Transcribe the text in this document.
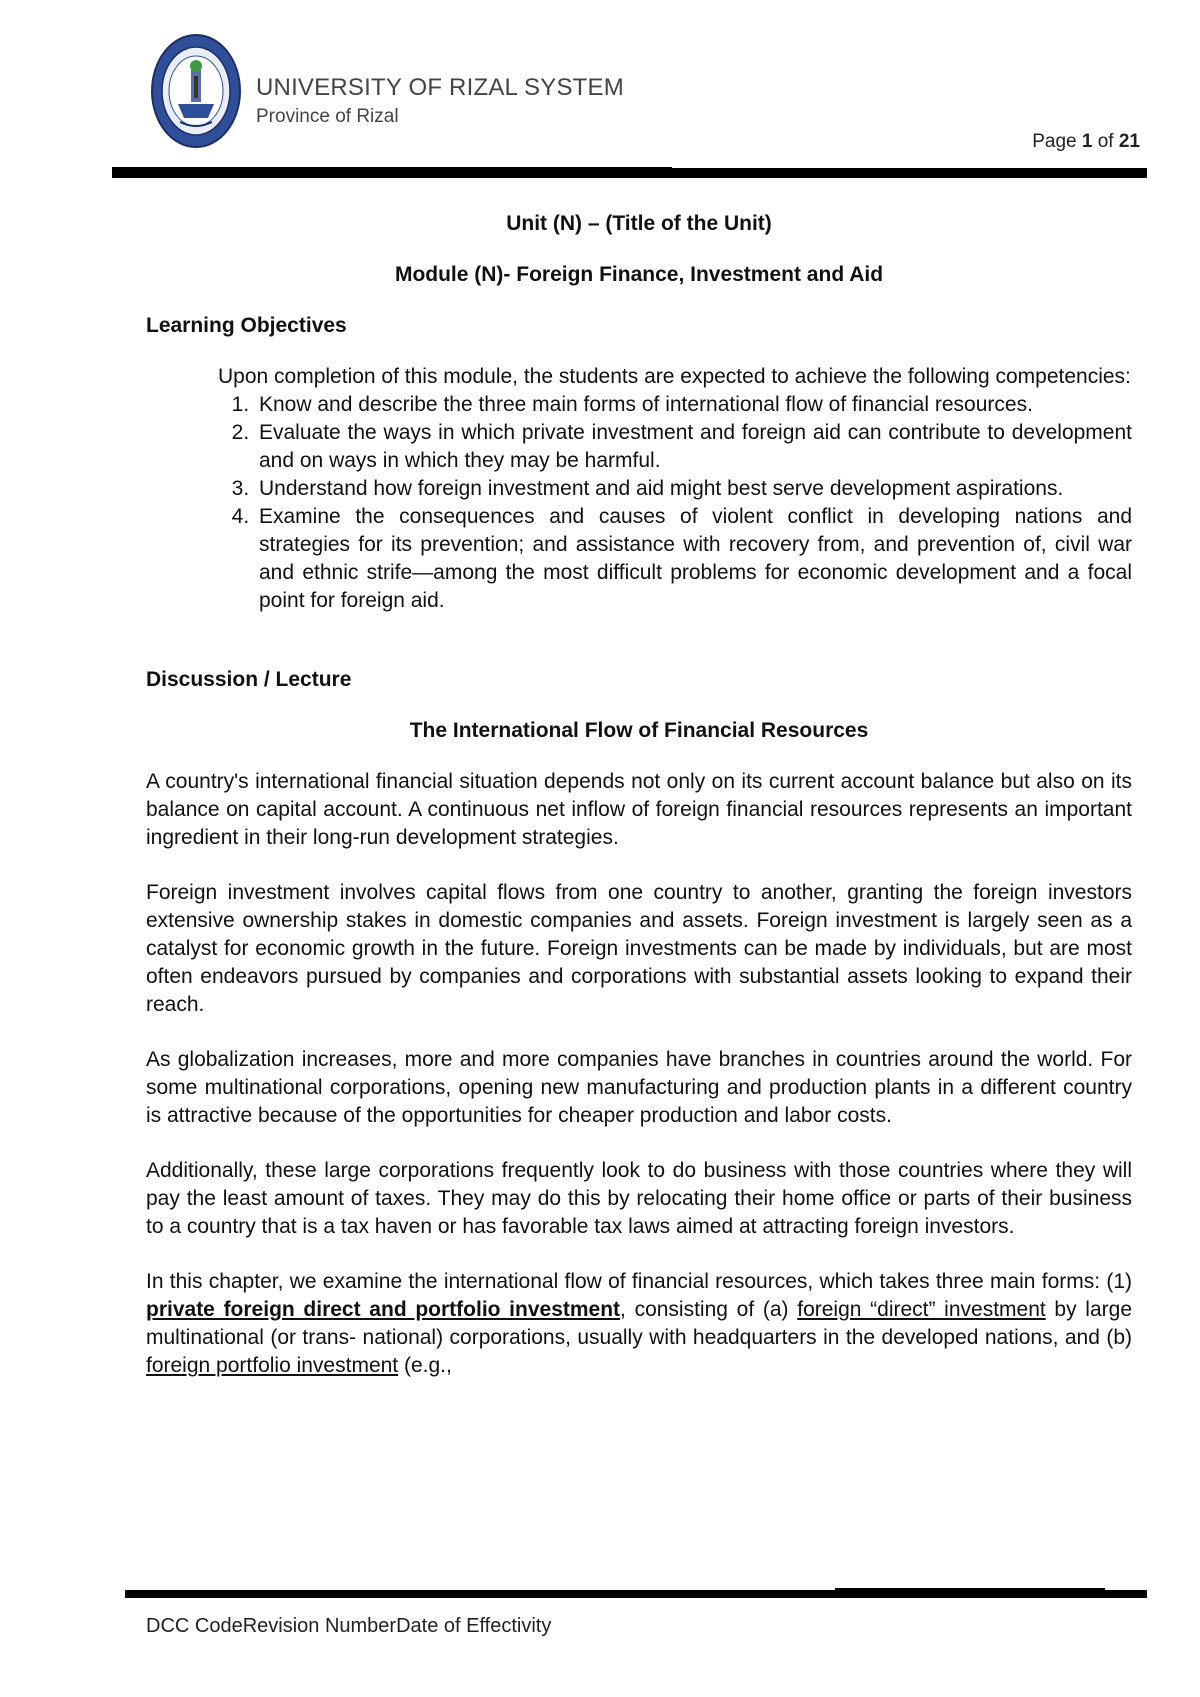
UNIVERSITY OF RIZAL SYSTEM
Province of Rizal
Page 1 of 21

Unit (N) – (Title of the Unit)

Module (N)- Foreign Finance, Investment and Aid

Learning Objectives

Upon completion of this module, the students are expected to achieve the following competencies:

1. Know and describe the three main forms of international flow of financial resources.
2. Evaluate the ways in which private investment and foreign aid can contribute to development and on ways in which they may be harmful.
3. Understand how foreign investment and aid might best serve development aspirations.
4. Examine the consequences and causes of violent conflict in developing nations and strategies for its prevention; and assistance with recovery from, and prevention of, civil war and ethnic strife—among the most difficult problems for economic development and a focal point for foreign aid.

Discussion / Lecture

The International Flow of Financial Resources

A country's international financial situation depends not only on its current account balance but also on its balance on capital account. A continuous net inflow of foreign financial resources represents an important ingredient in their long-run development strategies.

Foreign investment involves capital flows from one country to another, granting the foreign investors extensive ownership stakes in domestic companies and assets. Foreign investment is largely seen as a catalyst for economic growth in the future. Foreign investments can be made by individuals, but are most often endeavors pursued by companies and corporations with substantial assets looking to expand their reach.

As globalization increases, more and more companies have branches in countries around the world. For some multinational corporations, opening new manufacturing and production plants in a different country is attractive because of the opportunities for cheaper production and labor costs.

Additionally, these large corporations frequently look to do business with those countries where they will pay the least amount of taxes. They may do this by relocating their home office or parts of their business to a country that is a tax haven or has favorable tax laws aimed at attracting foreign investors.

In this chapter, we examine the international flow of financial resources, which takes three main forms: (1) private foreign direct and portfolio investment, consisting of (a) foreign “direct” investment by large multinational (or trans- national) corporations, usually with headquarters in the developed nations, and (b) foreign portfolio investment (e.g.,

DCC CodeRevision NumberDate of Effectivity
